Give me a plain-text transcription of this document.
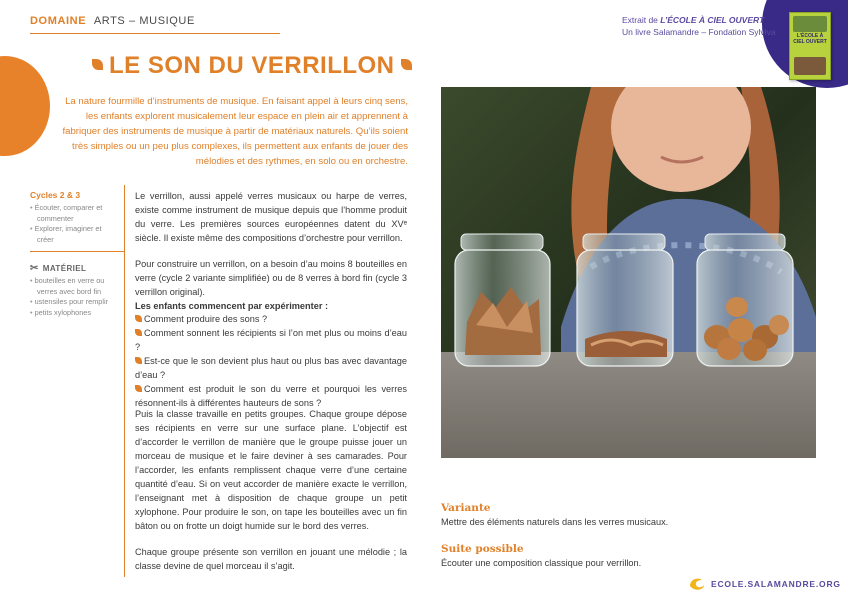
DOMAINE ARTS – MUSIQUE	Extrait de L’ÉCOLE À CIEL OUVERT
Un livre Salamandre – Fondation Sylviva	L'ÉCOLE À CIEL OUVERT
LE SON DU VERRILLON
La nature fourmille d’instruments de musique. En faisant appel à leurs cinq sens, les enfants explorent musicalement leur espace en plein air et apprennent à fabriquer des instruments de musique à partir de matériaux naturels. Qu’ils soient très simples ou un peu plus complexes, ils permettent aux enfants de jouer des mélodies et des rythmes, en solo ou en orchestre.
Cycles 2 & 3
• Écouter, comparer et commenter
• Explorer, imaginer et créer
✂ MATÉRIEL
• bouteilles en verre ou verres avec bord fin
• ustensiles pour remplir
• petits xylophones

Le verrillon, aussi appelé verres musicaux ou harpe de verres, existe comme instrument de musique depuis que l’homme produit du verre. Les premières sources européennes datent du XVᵉ siècle. Il existe même des compositions d’orchestre pour verrillon.

Pour construire un verrillon, on a besoin d’au moins 8 bouteilles en verre (cycle 2 variante simplifiée) ou de 8 verres à bord fin (cycle 3 verrillon original).

Les enfants commencent par expérimenter :

Comment produire des sons ?
Comment sonnent les récipients si l’on met plus ou moins d’eau ?
Est-ce que le son devient plus haut ou plus bas avec davantage d’eau ?
Comment est produit le son du verre et pourquoi les verres résonnent-ils à différentes hauteurs de sons ?

Puis la classe travaille en petits groupes. Chaque groupe dépose ses récipients en verre sur une surface plane. L’objectif est d’accorder le verrillon de manière que le groupe puisse jouer un morceau de musique et le faire deviner à ses camarades. Pour l’accorder, les enfants remplissent chaque verre d’une certaine quantité d’eau. Si on veut accorder de manière exacte le verrillon, l’enseignant met à disposition de chaque groupe un petit xylophone. Pour produire le son, on tape les bouteilles avec un fin bâton ou on frotte un doigt humide sur le bord des verres.

Chaque groupe présente son verrillon en jouant une mélodie ; la classe devine de quel morceau il s’agit.

Variante
Mettre des éléments naturels dans les verres musicaux.
Suite possible
Écouter une composition classique pour verrillon.
ECOLE.SALAMANDRE.ORG
